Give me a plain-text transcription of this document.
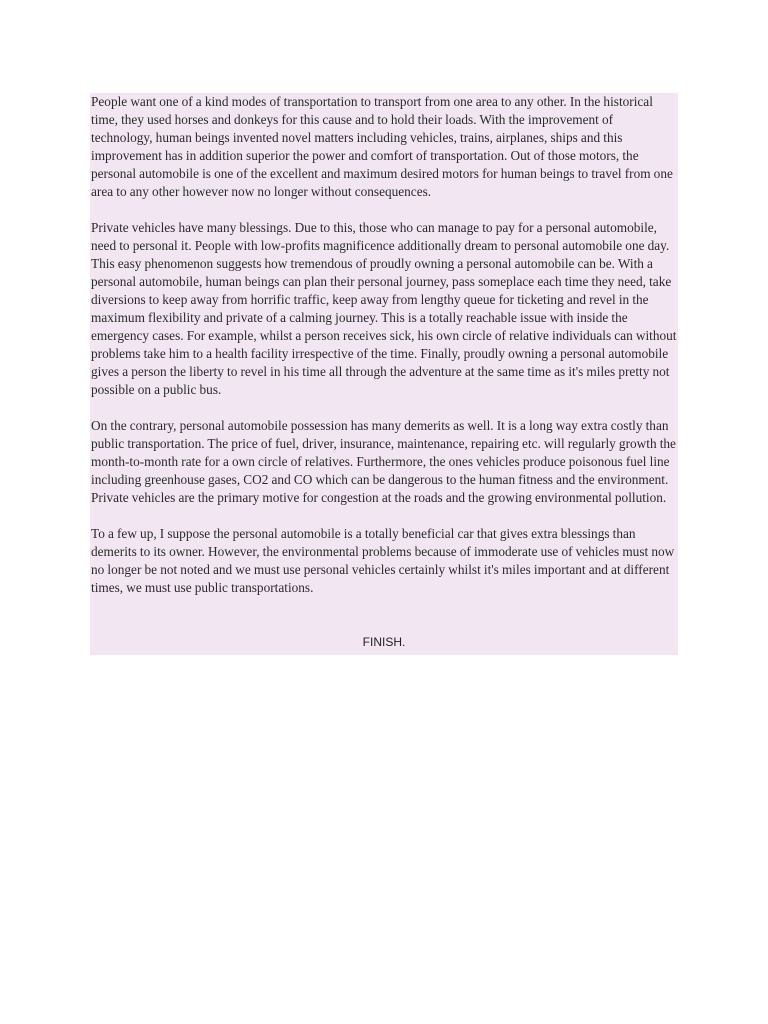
People want one of a kind modes of transportation to transport from one area to any other. In the historical time, they used horses and donkeys for this cause and to hold their loads. With the improvement of technology, human beings invented novel matters including vehicles, trains, airplanes, ships and this improvement has in addition superior the power and comfort of transportation. Out of those motors, the personal automobile is one of the excellent and maximum desired motors for human beings to travel from one area to any other however now no longer without consequences.

Private vehicles have many blessings. Due to this, those who can manage to pay for a personal automobile, need to personal it. People with low-profits magnificence additionally dream to personal automobile one day. This easy phenomenon suggests how tremendous of proudly owning a personal automobile can be. With a personal automobile, human beings can plan their personal journey, pass someplace each time they need, take diversions to keep away from horrific traffic, keep away from lengthy queue for ticketing and revel in the maximum flexibility and private of a calming journey. This is a totally reachable issue with inside the emergency cases. For example, whilst a person receives sick, his own circle of relative individuals can without problems take him to a health facility irrespective of the time. Finally, proudly owning a personal automobile gives a person the liberty to revel in his time all through the adventure at the same time as it's miles pretty not possible on a public bus.

On the contrary, personal automobile possession has many demerits as well. It is a long way extra costly than public transportation. The price of fuel, driver, insurance, maintenance, repairing etc. will regularly growth the month-to-month rate for a own circle of relatives. Furthermore, the ones vehicles produce poisonous fuel line including greenhouse gases, CO2 and CO which can be dangerous to the human fitness and the environment. Private vehicles are the primary motive for congestion at the roads and the growing environmental pollution.

To a few up, I suppose the personal automobile is a totally beneficial car that gives extra blessings than demerits to its owner. However, the environmental problems because of immoderate use of vehicles must now no longer be not noted and we must use personal vehicles certainly whilst it's miles important and at different times, we must use public transportations.

FINISH.
